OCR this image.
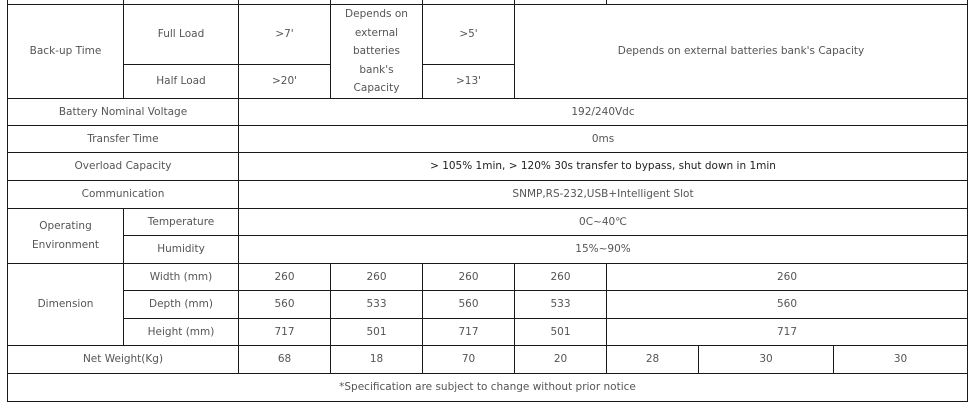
Back-up Time	Full Load	>7'	Depends on external batteries bank's Capacity	>5'	Depends on external batteries bank's Capacity			
	Half Load	>20'		>13'				
Battery Nominal Voltage		192/240Vdc						
Transfer Time		0ms						
Overload Capacity		> 105% 1min, > 120% 30s transfer to bypass, shut down in 1min						
Communication		SNMP,RS-232,USB+Intelligent Slot						
Operating Environment	Temperature	0C~40℃						
	Humidity	15%~90%						
Dimension	Width (mm)	260	260	260	260	260		
	Depth (mm)	560	533	560	533	560		
	Height (mm)	717	501	717	501	717		
Net Weight(Kg)		68	18	70	20	28	30	30
*Specification are subject to change without prior notice								
